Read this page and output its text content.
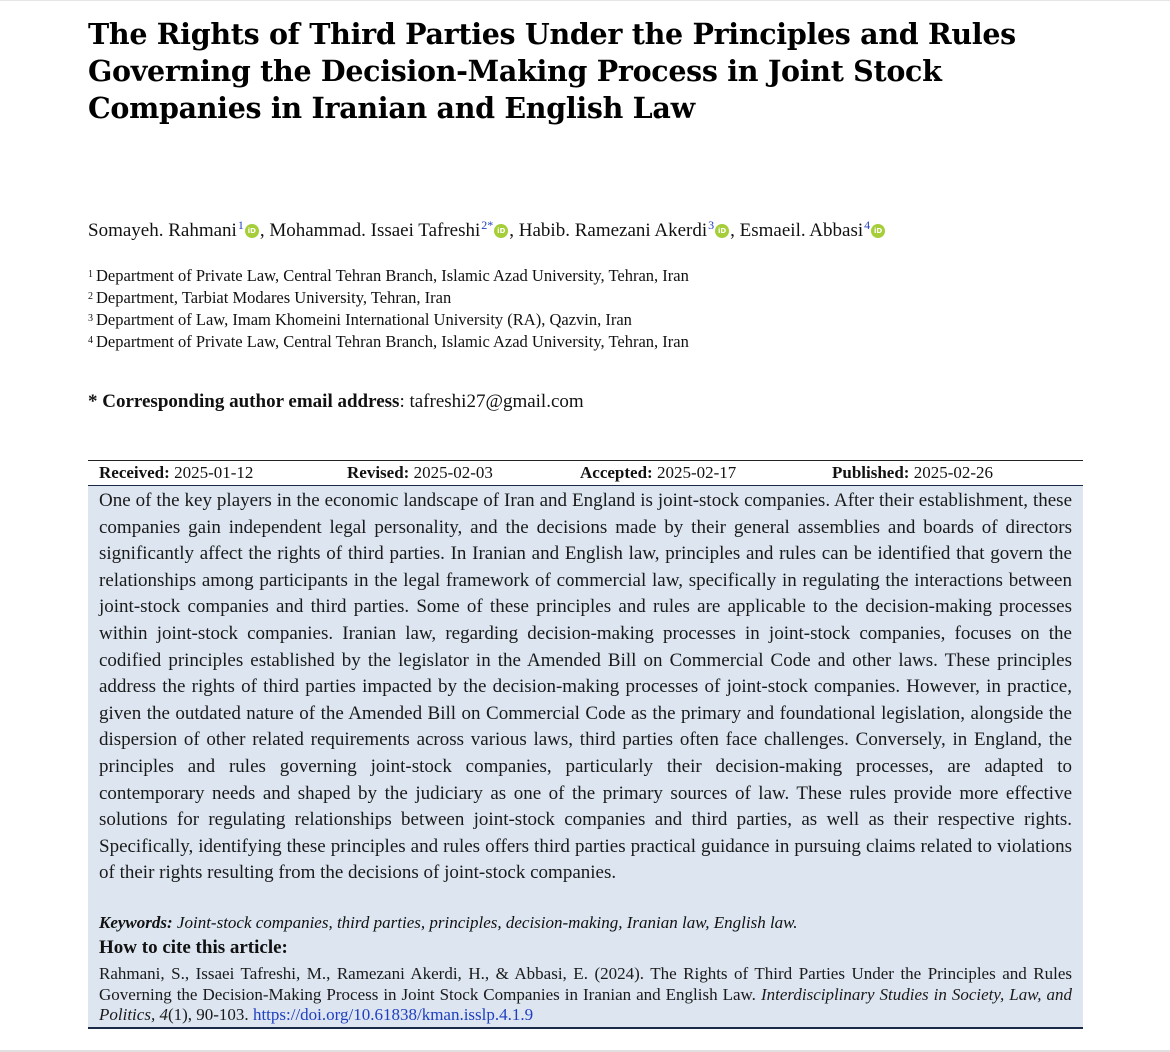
The Rights of Third Parties Under the Principles and Rules Governing the Decision-Making Process in Joint Stock Companies in Iranian and English Law
Somayeh. Rahmani$^1$ iD , Mohammad. Issaei Tafreshi$^{2*}$ iD , Habib. Ramezani Akerdi$^3$ iD , Esmaeil. Abbasi$^4$ iD
$^1$ Department of Private Law, Central Tehran Branch, Islamic Azad University, Tehran, Iran
$^2$ Department, Tarbiat Modares University, Tehran, Iran
$^3$ Department of Law, Imam Khomeini International University (RA), Qazvin, Iran
$^4$ Department of Private Law, Central Tehran Branch, Islamic Azad University, Tehran, Iran
* Corresponding author email address: tafreshi27@gmail.com
Received: 2025-01-12	Revised: 2025-02-03	Accepted: 2025-02-17	Published: 2025-02-26

One of the key players in the economic landscape of Iran and England is joint-stock companies. After their establishment, these companies gain independent legal personality, and the decisions made by their general assemblies and boards of directors significantly affect the rights of third parties. In Iranian and English law, principles and rules can be identified that govern the relationships among participants in the legal framework of commercial law, specifically in regulating the interactions between joint-stock companies and third parties. Some of these principles and rules are applicable to the decision-making processes within joint-stock companies. Iranian law, regarding decision-making processes in joint-stock companies, focuses on the codified principles established by the legislator in the Amended Bill on Commercial Code and other laws. These principles address the rights of third parties impacted by the decision-making processes of joint-stock companies. However, in practice, given the outdated nature of the Amended Bill on Commercial Code as the primary and foundational legislation, alongside the dispersion of other related requirements across various laws, third parties often face challenges. Conversely, in England, the principles and rules governing joint-stock companies, particularly their decision-making processes, are adapted to contemporary needs and shaped by the judiciary as one of the primary sources of law. These rules provide more effective solutions for regulating relationships between joint-stock companies and third parties, as well as their respective rights. Specifically, identifying these principles and rules offers third parties practical guidance in pursuing claims related to violations of their rights resulting from the decisions of joint-stock companies.

Keywords: Joint-stock companies, third parties, principles, decision-making, Iranian law, English law.
How to cite this article:

Rahmani, S., Issaei Tafreshi, M., Ramezani Akerdi, H., & Abbasi, E. (2024). The Rights of Third Parties Under the Principles and Rules Governing the Decision-Making Process in Joint Stock Companies in Iranian and English Law. Interdisciplinary Studies in Society, Law, and Politics, 4(1), 90-103. https://doi.org/10.61838/kman.isslp.4.1.9
